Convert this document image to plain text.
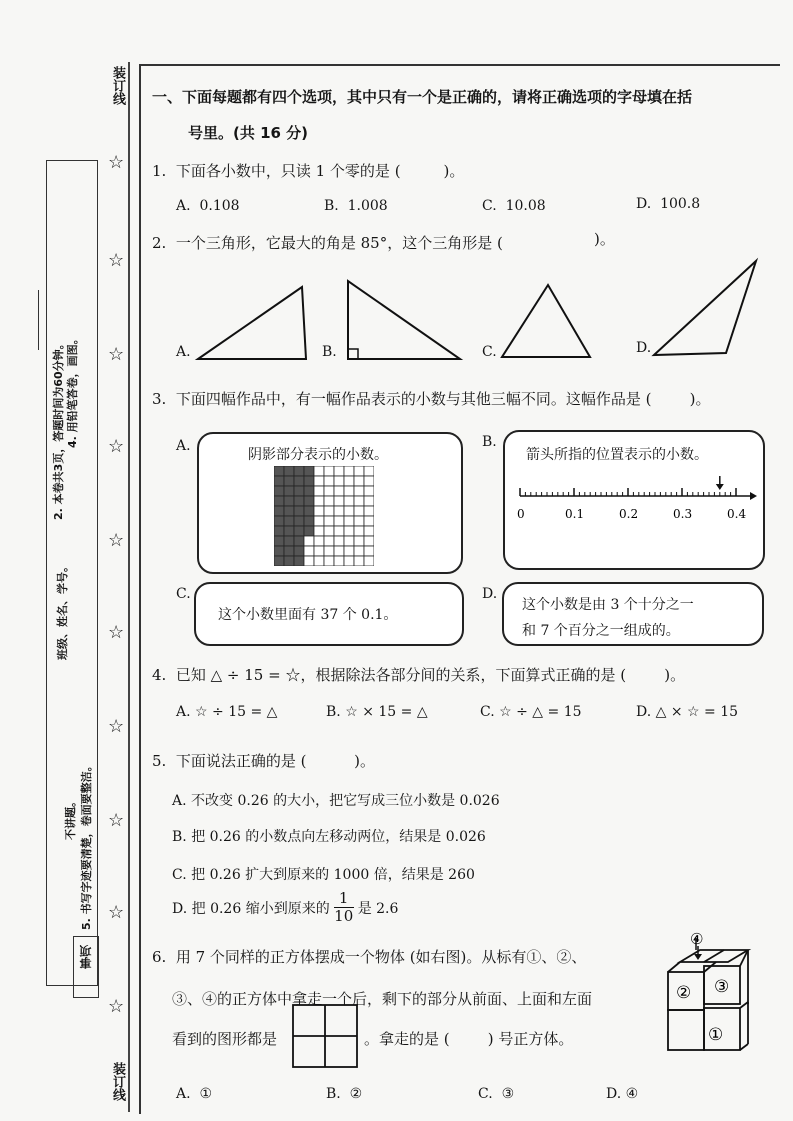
装订线
装订线
☆
☆
☆
☆
☆
☆
☆
☆
☆
☆
事项
2. 本卷共3页，答题时间为60分钟。 4. 用铅笔答卷，画图。
班级、姓名、学号。
不讲题。 5. 书写字迹要清楚，卷面要整洁。
一、下面每题都有四个选项，其中只有一个是正确的，请将正确选项的字母填在括
号里。(共 16 分)
1.  下面各小数中，只读 1 个零的是 (         )。
A.  0.108	B.  1.008	C.  10.08	D.  100.8
2.  一个三角形，它最大的角是 85°，这个三角形是 (	)。
A.	B.	C.	D.
3.  下面四幅作品中，有一幅作品表示的小数与其他三幅不同。这幅作品是 (        )。
A.	B.
C.	D.
阴影部分表示的小数。	箭头所指的位置表示的小数。
0	0.1	0.2	0.3	0.4
这个小数里面有 37 个 0.1。
这个小数是由 3 个十分之一
和 7 个百分之一组成的。
4.  已知 △ ÷ 15 = ☆，根据除法各部分间的关系，下面算式正确的是 (        )。
A. ☆ ÷ 15 = △	B. ☆ × 15 = △	C. ☆ ÷ △ = 15	D. △ × ☆ = 15
5.  下面说法正确的是 (          )。
A. 不改变 0.26 的大小，把它写成三位小数是 0.026
B. 把 0.26 的小数点向左移动两位，结果是 0.026
C. 把 0.26 扩大到原来的 1000 倍，结果是 260
D. 把 0.26 缩小到原来的
1
10 是 2.6
6.  用 7 个同样的正方体摆成一个物体 (如右图)。从标有①、②、
③、④的正方体中拿走一个后，剩下的部分从前面、上面和左面
看到的图形都是	。拿走的是 (        ) 号正方体。
A.  ①	B.  ②	C.  ③	D. ④
④
② ③
①
